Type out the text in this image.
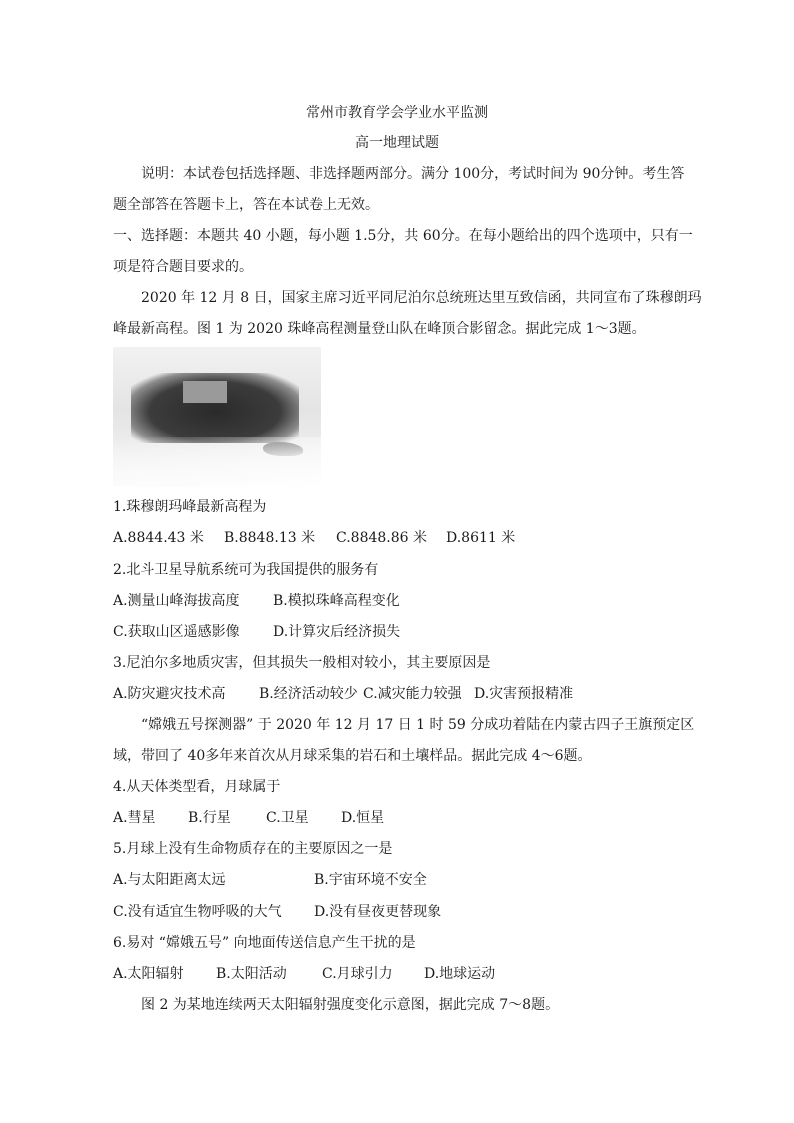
常州市教育学会学业水平监测
高一地理试题
说明：本试卷包括选择题、非选择题两部分。满分 100分，考试时间为 90分钟。考生答
题全部答在答题卡上，答在本试卷上无效。
一、选择题：本题共 40 小题，每小题 1.5分，共 60分。在每小题给出的四个选项中，只有一
项是符合题目要求的。
2020 年 12 月 8 日，国家主席习近平同尼泊尔总统班达里互致信函，共同宣布了珠穆朗玛
峰最新高程。图 1 为 2020 珠峰高程测量登山队在峰顶合影留念。据此完成 1～3题。
1.珠穆朗玛峰最新高程为
A.8844.43 米 B.8848.13 米 C.8848.86 米 D.8611 米
2.北斗卫星导航系统可为我国提供的服务有
A.测量山峰海拔高度 B.模拟珠峰高程变化
C.获取山区遥感影像 D.计算灾后经济损失
3.尼泊尔多地质灾害，但其损失一般相对较小，其主要原因是
A.防灾避灾技术高 B.经济活动较少 C.减灾能力较强 D.灾害预报精准
“嫦娥五号探测器” 于 2020 年 12 月 17 日 1 时 59 分成功着陆在内蒙古四子王旗预定区
域，带回了 40多年来首次从月球采集的岩石和土壤样品。据此完成 4～6题。
4.从天体类型看，月球属于
A.彗星 B.行星	C.卫星 D.恒星
5.月球上没有生命物质存在的主要原因之一是
A.与太阳距离太远	B.宇宙环境不安全
C.没有适宜生物呼吸的大气 D.没有昼夜更替现象
6.易对 “嫦娥五号” 向地面传送信息产生干扰的是
A.太阳辐射 B.太阳活动	C.月球引力 D.地球运动
图 2 为某地连续两天太阳辐射强度变化示意图，据此完成 7～8题。
